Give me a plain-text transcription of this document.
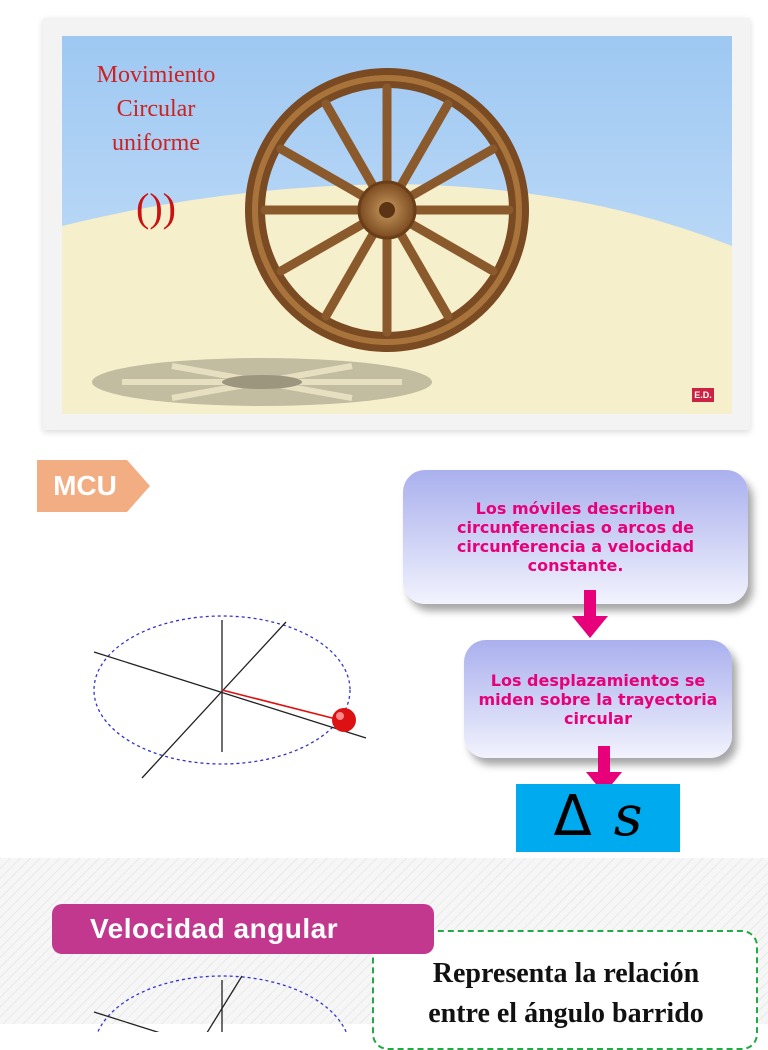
Movimiento
Circular
uniforme
())
E.D.
MCU
Los móviles describen circunferencias o arcos de circunferencia a velocidad constante.
Los desplazamientos se miden sobre la trayectoria circular
Δ s
Representa la relación
entre el ángulo barrido
Velocidad angular
